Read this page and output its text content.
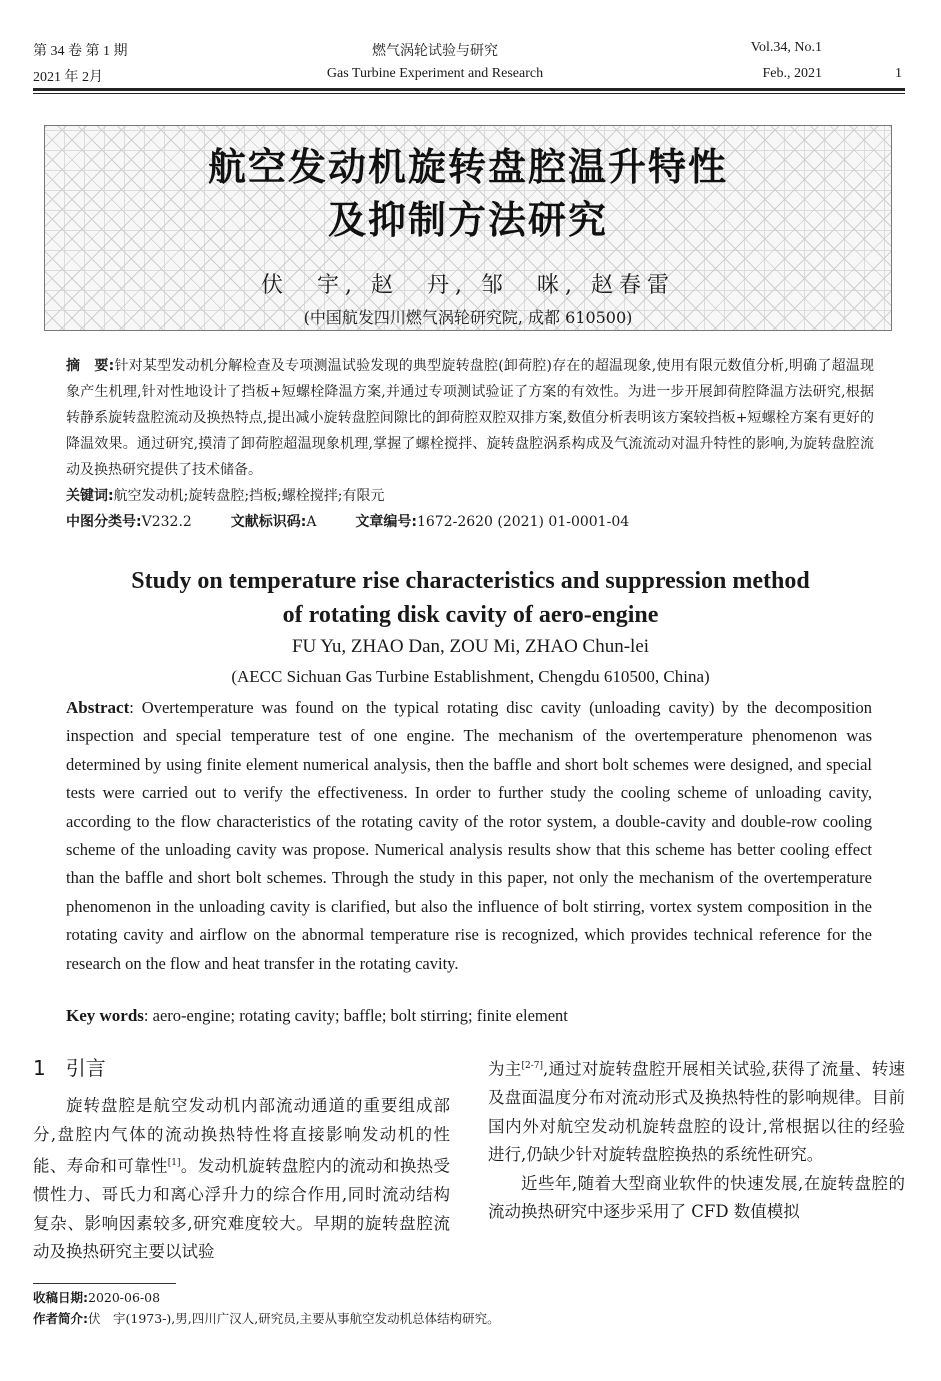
第 34 卷 第 1 期
2021 年 2月
燃气涡轮试验与研究
Gas Turbine Experiment and Research
Vol.34, No.1
Feb., 2021	1
航空发动机旋转盘腔温升特性
及抑制方法研究
伏　宇, 赵　丹, 邹　咪, 赵春雷
(中国航发四川燃气涡轮研究院, 成都 610500)
摘　要:针对某型发动机分解检查及专项测温试验发现的典型旋转盘腔(卸荷腔)存在的超温现象,使用有限元数值分析,明确了超温现象产生机理,针对性地设计了挡板+短螺栓降温方案,并通过专项测试验证了方案的有效性。为进一步开展卸荷腔降温方法研究,根据转静系旋转盘腔流动及换热特点,提出减小旋转盘腔间隙比的卸荷腔双腔双排方案,数值分析表明该方案较挡板+短螺栓方案有更好的降温效果。通过研究,摸清了卸荷腔超温现象机理,掌握了螺栓搅拌、旋转盘腔涡系构成及气流流动对温升特性的影响,为旋转盘腔流动及换热研究提供了技术储备。
关键词:航空发动机;旋转盘腔;挡板;螺栓搅拌;有限元
中图分类号:V232.2	文献标识码:A	文章编号:1672-2620 (2021) 01-0001-04
Study on temperature rise characteristics and suppression method
of rotating disk cavity of aero-engine
FU Yu, ZHAO Dan, ZOU Mi, ZHAO Chun-lei
(AECC Sichuan Gas Turbine Establishment, Chengdu 610500, China)
Abstract: Overtemperature was found on the typical rotating disc cavity (unloading cavity) by the decomposition inspection and special temperature test of one engine. The mechanism of the overtemperature phenomenon was determined by using finite element numerical analysis, then the baffle and short bolt schemes were designed, and special tests were carried out to verify the effectiveness. In order to further study the cooling scheme of unloading cavity, according to the flow characteristics of the rotating cavity of the rotor system, a double-cavity and double-row cooling scheme of the unloading cavity was propose. Numerical analysis results show that this scheme has better cooling effect than the baffle and short bolt schemes. Through the study in this paper, not only the mechanism of the overtemperature phenomenon in the unloading cavity is clarified, but also the influence of bolt stirring, vortex system composition in the rotating cavity and airflow on the abnormal temperature rise is recognized, which provides technical reference for the research on the flow and heat transfer in the rotating cavity.
Key words: aero-engine; rotating cavity; baffle; bolt stirring; finite element
1　引言

旋转盘腔是航空发动机内部流动通道的重要组成部分,盘腔内气体的流动换热特性将直接影响发动机的性能、寿命和可靠性[1]。发动机旋转盘腔内的流动和换热受惯性力、哥氏力和离心浮升力的综合作用,同时流动结构复杂、影响因素较多,研究难度较大。早期的旋转盘腔流动及换热研究主要以试验

为主[2-7],通过对旋转盘腔开展相关试验,获得了流量、转速及盘面温度分布对流动形式及换热特性的影响规律。目前国内外对航空发动机旋转盘腔的设计,常根据以往的经验进行,仍缺少针对旋转盘腔换热的系统性研究。

近些年,随着大型商业软件的快速发展,在旋转盘腔的流动换热研究中逐步采用了 CFD 数值模拟

收稿日期:2020-06-08
作者简介:伏　宇(1973-),男,四川广汉人,研究员,主要从事航空发动机总体结构研究。
